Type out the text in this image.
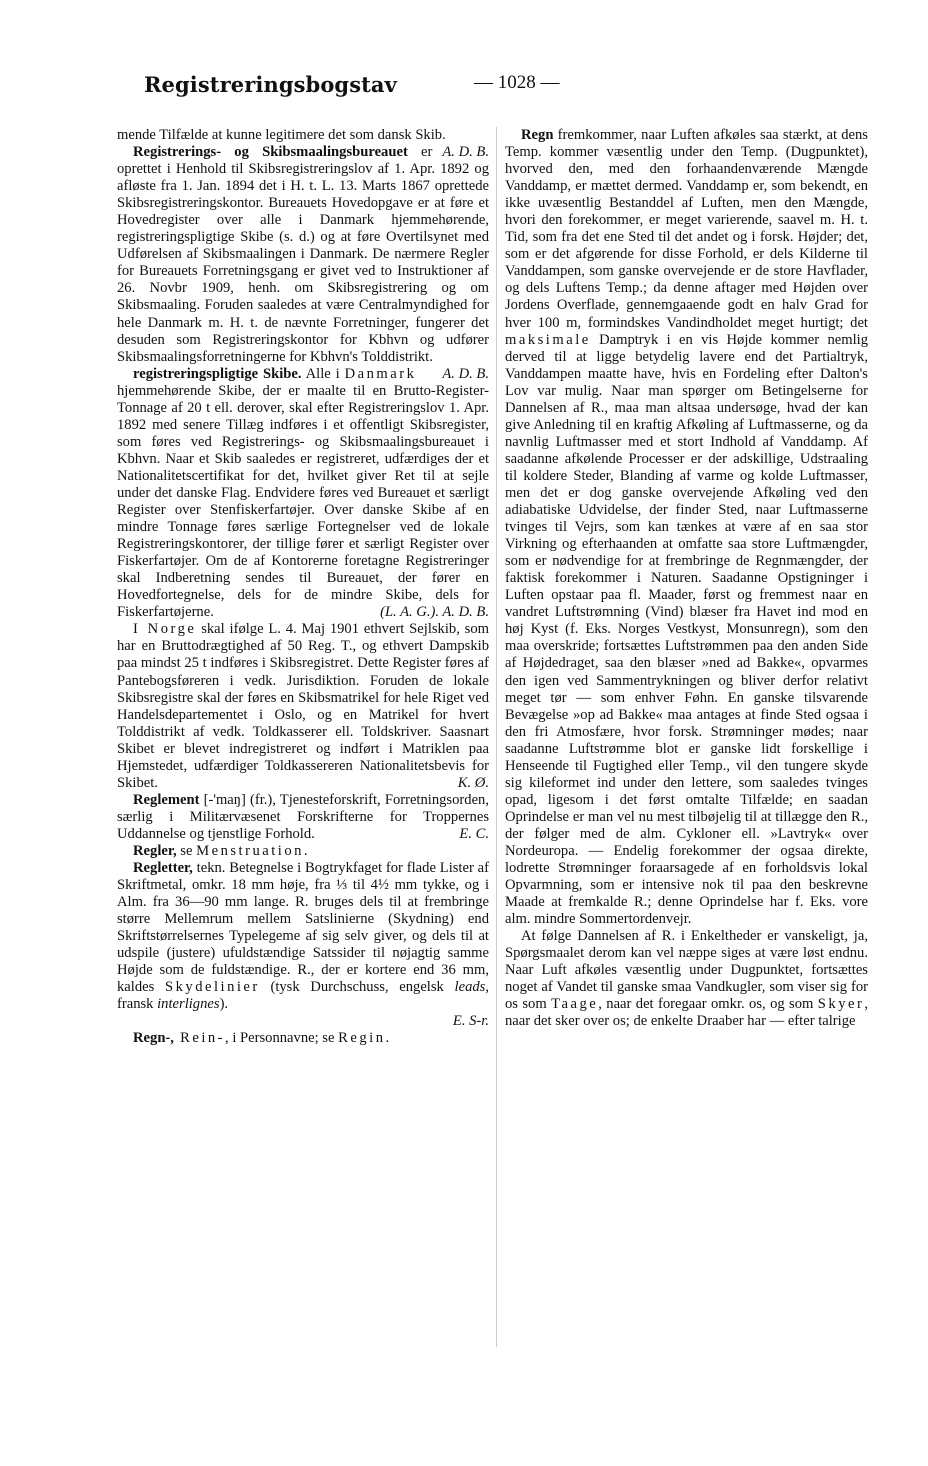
Registreringsbogstav	— 1028 —

mende Tilfælde at kunne legitimere det som dansk Skib.
A. D. B.

Registrerings- og Skibsmaalingsbureauet er oprettet i Henhold til Skibsregistreringslov af 1. Apr. 1892 og afløste fra 1. Jan. 1894 det i H. t. L. 13. Marts 1867 oprettede Skibsregistreringskontor. Bureauets Hovedopgave er at føre et Hovedregister over alle i Danmark hjemmehørende, registreringspligtige Skibe (s. d.) og at føre Overtilsynet med Udførelsen af Skibsmaalingen i Danmark. De nærmere Regler for Bureauets Forretningsgang er givet ved to Instruktioner af 26. Novbr 1909, henh. om Skibsregistrering og om Skibsmaaling. Foruden saaledes at være Centralmyndighed for hele Danmark m. H. t. de nævnte Forretninger, fungerer det desuden som Registreringskontor for Kbhvn og udfører Skibsmaalingsforretningerne for Kbhvn's Tolddistrikt.
A. D. B.

registreringspligtige Skibe. Alle i Danmark hjemmehørende Skibe, der er maalte til en Brutto-Register-Tonnage af 20 t ell. derover, skal efter Registreringslov 1. Apr. 1892 med senere Tillæg indføres i et offentligt Skibsregister, som føres ved Registrerings- og Skibsmaalingsbureauet i Kbhvn. Naar et Skib saaledes er registreret, udfærdiges der et Nationalitetscertifikat for det, hvilket giver Ret til at sejle under det danske Flag. Endvidere føres ved Bureauet et særligt Register over Stenfiskerfartøjer. Over danske Skibe af en mindre Tonnage føres særlige Fortegnelser ved de lokale Registreringskontorer, der tillige fører et særligt Register over Fiskerfartøjer. Om de af Kontorerne foretagne Registreringer skal Indberetning sendes til Bureauet, der fører en Hovedfortegnelse, dels for de mindre Skibe, dels for Fiskerfartøjerne.	(L. A. G.). A. D. B.

I Norge skal ifølge L. 4. Maj 1901 ethvert Sejlskib, som har en Bruttodrægtighed af 50 Reg. T., og ethvert Dampskib paa mindst 25 t indføres i Skibsregistret. Dette Register føres af Pantebogsføreren i vedk. Jurisdiktion. Foruden de lokale Skibsregistre skal der føres en Skibsmatrikel for hele Riget ved Handelsdepartementet i Oslo, og en Matrikel for hvert Tolddistrikt af vedk. Toldkasserer ell. Toldskriver. Saasnart Skibet er blevet indregistreret og indført i Matriklen paa Hjemstedet, udfærdiger Toldkassereren Nationalitetsbevis for Skibet.	K. Ø.

Reglement [-'maŋ] (fr.), Tjenesteforskrift, Forretningsorden, særlig i Militærvæsenet Forskrifterne for Troppernes Uddannelse og tjenstlige Forhold.	E. C.

Regler, se Menstruation.

Regletter, tekn. Betegnelse i Bogtrykfaget for flade Lister af Skriftmetal, omkr. 18 mm høje, fra ⅓ til 4½ mm tykke, og i Alm. fra 36—90 mm lange. R. bruges dels til at frembringe større Mellemrum mellem Satslinierne (Skydning) end Skriftstørrelsernes Typelegeme af sig selv giver, og dels til at udspile (justere) ufuldstændige Satssider til nøjagtig samme Højde som de fuldstændige. R., der er kortere end 36 mm, kaldes Skydelinier (tysk Durchschuss, engelsk leads, fransk interlignes).

E. S-r.

Regn-, Rein-, i Personnavne; se Regin.

Regn fremkommer, naar Luften afkøles saa stærkt, at dens Temp. kommer væsentlig under den Temp. (Dugpunktet), hvorved den, med den forhaandenværende Mængde Vanddamp, er mættet dermed. Vanddamp er, som bekendt, en ikke uvæsentlig Bestanddel af Luften, men den Mængde, hvori den forekommer, er meget varierende, saavel m. H. t. Tid, som fra det ene Sted til det andet og i forsk. Højder; det, som er det afgørende for disse Forhold, er dels Kilderne til Vanddampen, som ganske overvejende er de store Havflader, og dels Luftens Temp.; da denne aftager med Højden over Jordens Overflade, gennemgaaende godt en halv Grad for hver 100 m, formindskes Vandindholdet meget hurtigt; det maksimale Damptryk i en vis Højde kommer nemlig derved til at ligge betydelig lavere end det Partialtryk, Vanddampen maatte have, hvis en Fordeling efter Dalton's Lov var mulig. Naar man spørger om Betingelserne for Dannelsen af R., maa man altsaa undersøge, hvad der kan give Anledning til en kraftig Afkøling af Luftmasserne, og da navnlig Luftmasser med et stort Indhold af Vanddamp. Af saadanne afkølende Processer er der adskillige, Udstraaling til koldere Steder, Blanding af varme og kolde Luftmasser, men det er dog ganske overvejende Afkøling ved den adiabatiske Udvidelse, der finder Sted, naar Luftmasserne tvinges til Vejrs, som kan tænkes at være af en saa stor Virkning og efterhaanden at omfatte saa store Luftmængder, som er nødvendige for at frembringe de Regnmængder, der faktisk forekommer i Naturen. Saadanne Opstigninger i Luften opstaar paa fl. Maader, først og fremmest naar en vandret Luftstrømning (Vind) blæser fra Havet ind mod en høj Kyst (f. Eks. Norges Vestkyst, Monsunregn), som den maa overskride; fortsættes Luftstrømmen paa den anden Side af Højdedraget, saa den blæser »ned ad Bakke«, opvarmes den igen ved Sammentrykningen og bliver derfor relativt meget tør — som enhver Føhn. En ganske tilsvarende Bevægelse »op ad Bakke« maa antages at finde Sted ogsaa i den fri Atmosfære, hvor forsk. Strømninger mødes; naar saadanne Luftstrømme blot er ganske lidt forskellige i Henseende til Fugtighed eller Temp., vil den tungere skyde sig kileformet ind under den lettere, som saaledes tvinges opad, ligesom i det først omtalte Tilfælde; en saadan Oprindelse er man vel nu mest tilbøjelig til at tillægge den R., der følger med de alm. Cykloner ell. »Lavtryk« over Nordeuropa. — Endelig forekommer der ogsaa direkte, lodrette Strømninger foraarsagede af en forholdsvis lokal Opvarmning, som er intensive nok til paa den beskrevne Maade at fremkalde R.; denne Oprindelse har f. Eks. vore alm. mindre Sommertordenvejr.

At følge Dannelsen af R. i Enkeltheder er vanskeligt, ja, Spørgsmaalet derom kan vel næppe siges at være løst endnu. Naar Luft afkøles væsentlig under Dugpunktet, fortsættes noget af Vandet til ganske smaa Vandkugler, som viser sig for os som Taage, naar det foregaar omkr. os, og som Skyer, naar det sker over os; de enkelte Draaber har — efter talrige
